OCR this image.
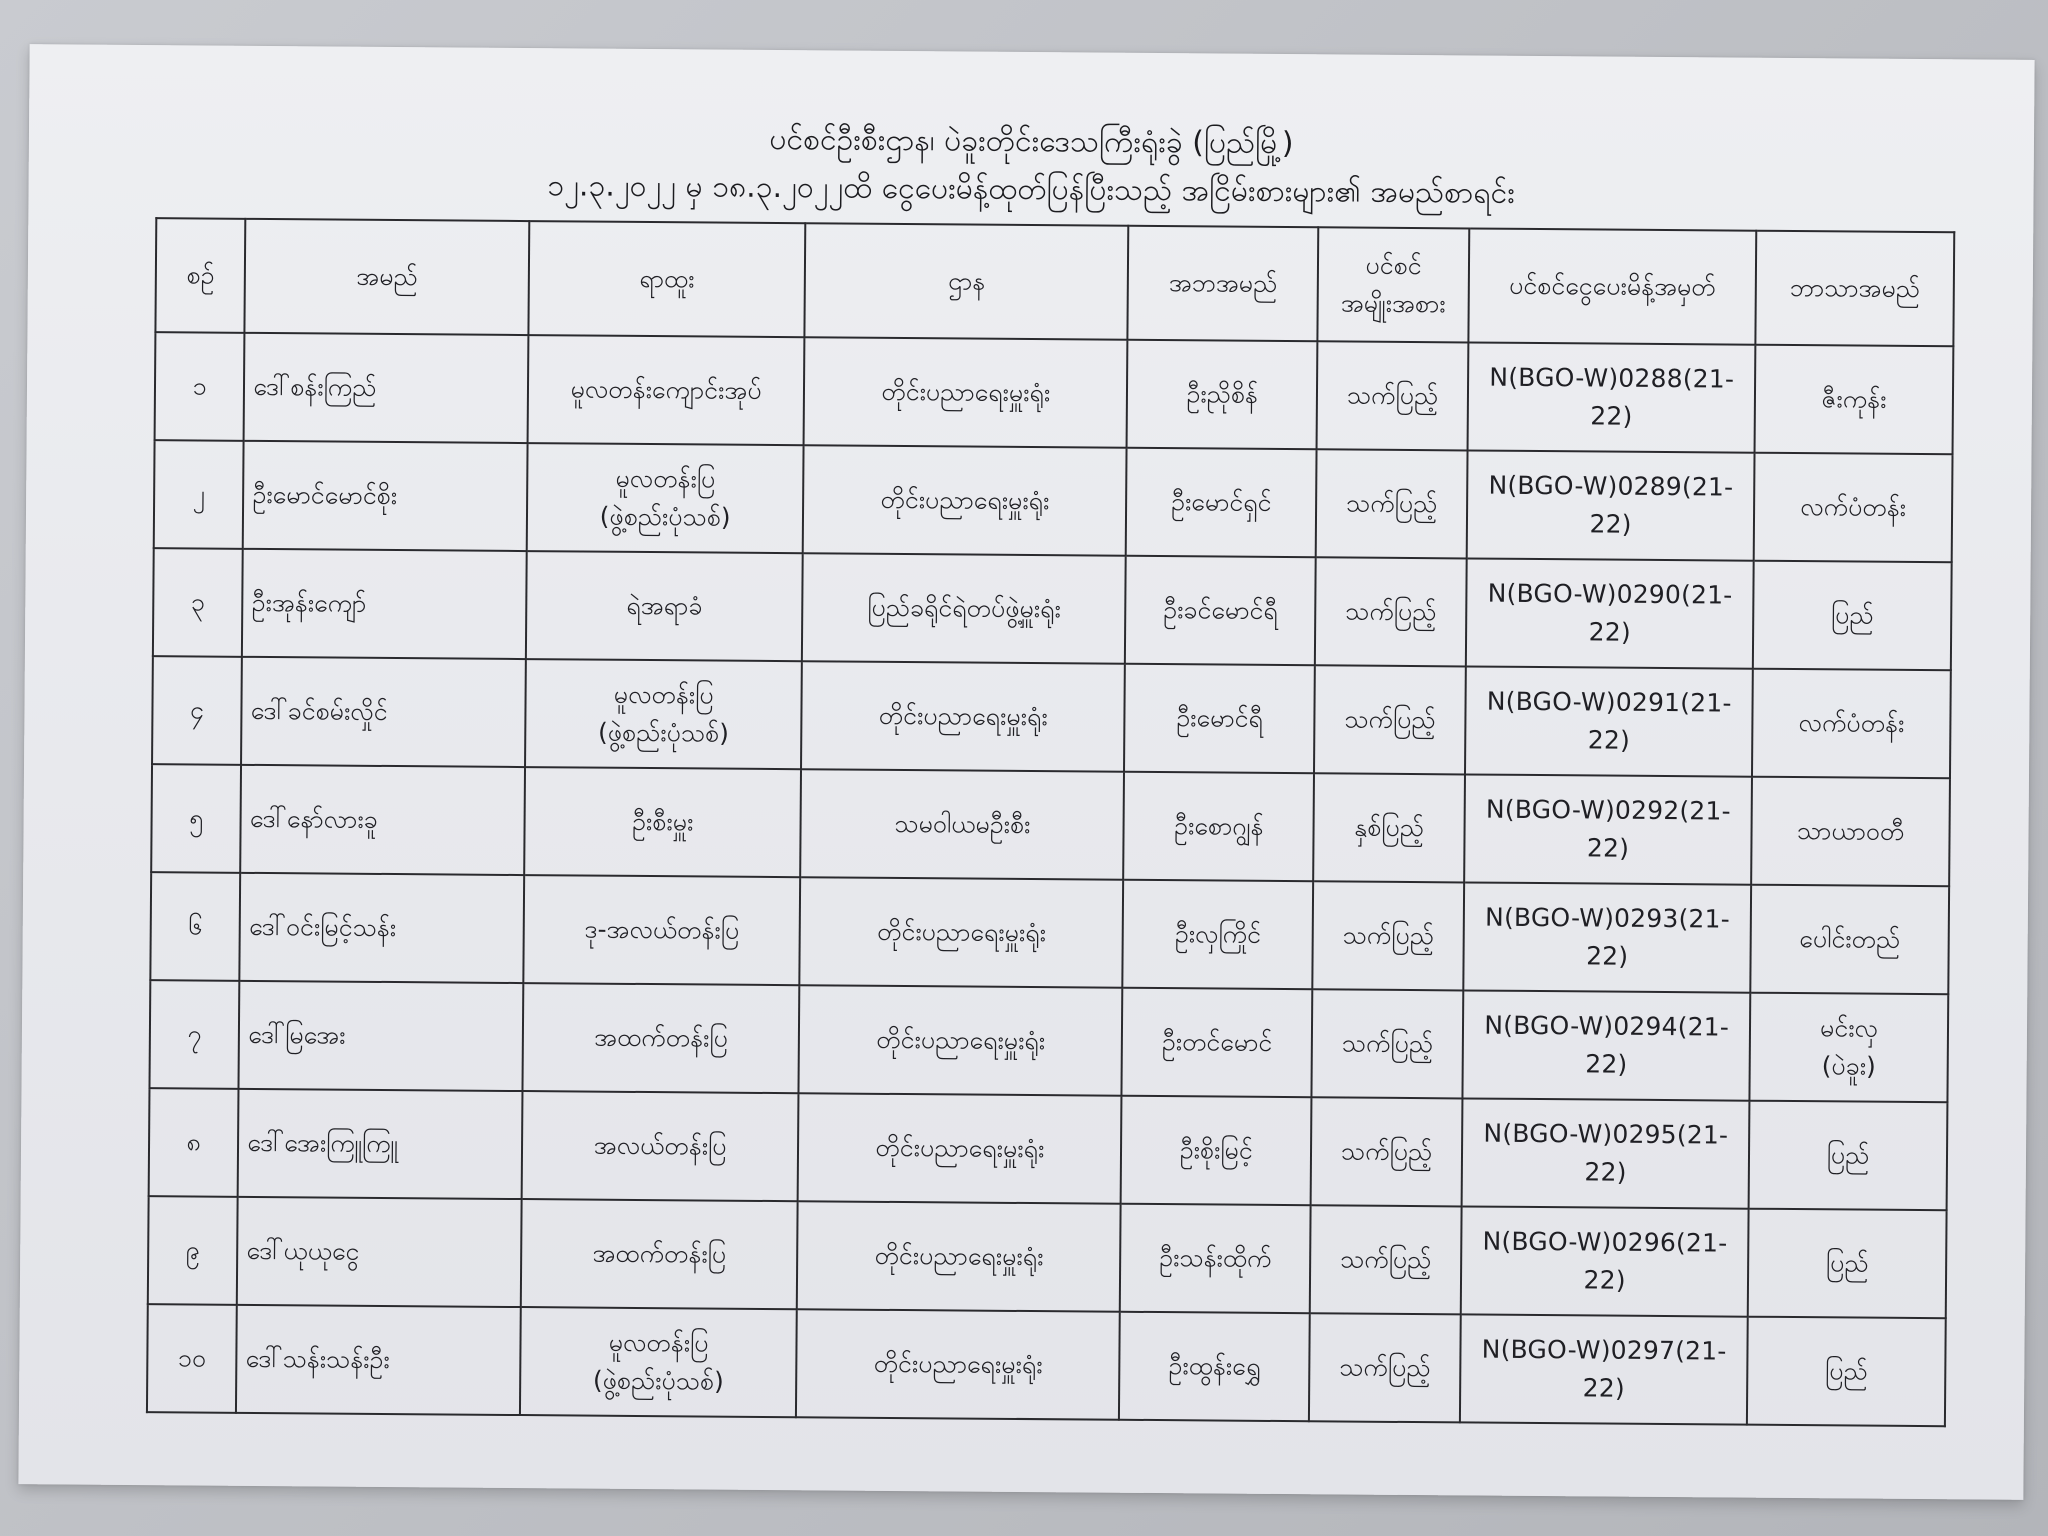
ပင်စင်ဦးစီးဌာန၊ ပဲခူးတိုင်းဒေသကြီးရုံးခွဲ (ပြည်မြို့)
၁၂.၃.၂၀၂၂ မှ ၁၈.၃.၂၀၂၂ထိ ငွေပေးမိန့်ထုတ်ပြန်ပြီးသည့် အငြိမ်းစားများ၏ အမည်စာရင်း
စဉ်	အမည်	ရာထူး	ဌာန	အဘအမည်	ပင်စင်
အမျိုးအစား	ပင်စင်ငွေပေးမိန့်အမှတ်	ဘာသာအမည်
၁	ဒေါ်စန်းကြည်	မူလတန်းကျောင်းအုပ်	တိုင်းပညာရေးမှူးရုံး	ဦးညိုစိန်	သက်ပြည့်	N(BGO-W)0288(21-22)	ဇီးကုန်း

၂	ဦးမောင်မောင်စိုး	မူလတန်းပြ
(ဖွဲ့စည်းပုံသစ်)	တိုင်းပညာရေးမှူးရုံး	ဦးမောင်ရှင်	သက်ပြည့်	N(BGO-W)0289(21-22)	လက်ပံတန်း

၃	ဦးအုန်းကျော်	ရဲအရာခံ	ပြည်ခရိုင်ရဲတပ်ဖွဲ့မှူးရုံး	ဦးခင်မောင်ရီ	သက်ပြည့်	N(BGO-W)0290(21-22)	ပြည်

၄	ဒေါ်ခင်စမ်းလှိုင်	မူလတန်းပြ
(ဖွဲ့စည်းပုံသစ်)	တိုင်းပညာရေးမှူးရုံး	ဦးမောင်ရီ	သက်ပြည့်	N(BGO-W)0291(21-22)	လက်ပံတန်း

၅	ဒေါ်နော်လားခူ	ဦးစီးမှူး	သမဝါယမဦးစီး	ဦးစောဂျွန်	နှစ်ပြည့်	N(BGO-W)0292(21-22)	သာယာဝတီ

၆	ဒေါ်ဝင်းမြင့်သန်း	ဒု-အလယ်တန်းပြ	တိုင်းပညာရေးမှူးရုံး	ဦးလှကြိုင်	သက်ပြည့်	N(BGO-W)0293(21-22)	ပေါင်းတည်

၇	ဒေါ်မြအေး	အထက်တန်းပြ	တိုင်းပညာရေးမှူးရုံး	ဦးတင်မောင်	သက်ပြည့်	N(BGO-W)0294(21-22)	မင်းလှ
(ပဲခူး)

၈	ဒေါ်အေးကြူကြူ	အလယ်တန်းပြ	တိုင်းပညာရေးမှူးရုံး	ဦးစိုးမြင့်	သက်ပြည့်	N(BGO-W)0295(21-22)	ပြည်

၉	ဒေါ်ယုယုငွေ	အထက်တန်းပြ	တိုင်းပညာရေးမှူးရုံး	ဦးသန်းထိုက်	သက်ပြည့်	N(BGO-W)0296(21-22)	ပြည်

၁၀	ဒေါ်သန်းသန်းဦး	မူလတန်းပြ
(ဖွဲ့စည်းပုံသစ်)	တိုင်းပညာရေးမှူးရုံး	ဦးထွန်းရွှေ	သက်ပြည့်	N(BGO-W)0297(21-22)	ပြည်
